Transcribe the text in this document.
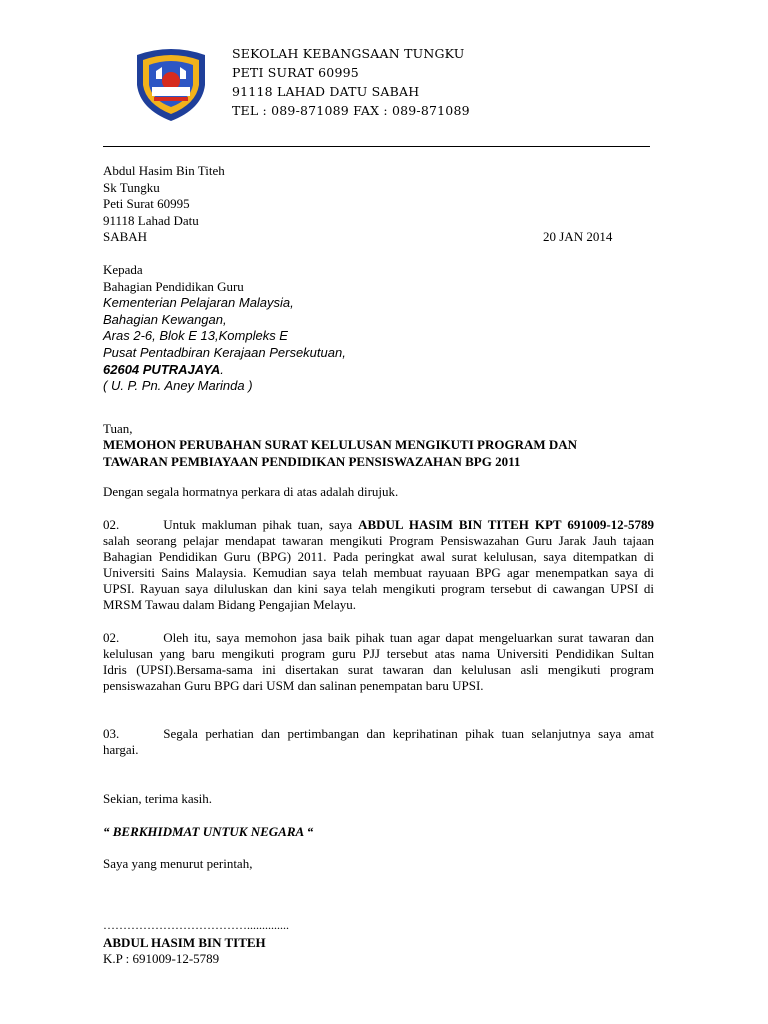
SEKOLAH KEBANGSAAN TUNGKU
PETI SURAT 60995
91118 LAHAD DATU SABAH
TEL : 089-871089 FAX : 089-871089
Abdul Hasim Bin Titeh
Sk Tungku
Peti Surat 60995
91118 Lahad Datu
SABAH	20 JAN 2014
Kepada
Bahagian Pendidikan Guru
Kementerian Pelajaran Malaysia,
Bahagian Kewangan,
Aras 2-6, Blok E 13,Kompleks E
Pusat Pentadbiran Kerajaan Persekutuan,
62604 PUTRAJAYA.
( U. P. Pn. Aney Marinda )
Tuan,
MEMOHON PERUBAHAN SURAT KELULUSAN MENGIKUTI PROGRAM DAN
TAWARAN PEMBIAYAAN PENDIDIKAN PENSISWAZAHAN BPG 2011
Dengan segala hormatnya perkara di atas adalah dirujuk.
02.	Untuk makluman pihak tuan, saya ABDUL HASIM BIN TITEH KPT 691009-12-5789
salah seorang pelajar mendapat tawaran mengikuti Program Pensiswazahan Guru Jarak Jauh tajaan
Bahagian Pendidikan Guru (BPG) 2011. Pada peringkat awal surat kelulusan, saya ditempatkan di
Universiti Sains Malaysia. Kemudian saya telah membuat rayuaan BPG agar menempatkan saya di
UPSI. Rayuan saya diluluskan dan kini saya telah mengikuti program tersebut di cawangan UPSI di
MRSM Tawau dalam Bidang Pengajian Melayu.
02.	Oleh itu, saya memohon jasa baik pihak tuan agar dapat mengeluarkan surat tawaran dan
kelulusan yang baru mengikuti program guru PJJ tersebut atas nama Universiti Pendidikan Sultan
Idris (UPSI).Bersama-sama ini disertakan surat tawaran dan kelulusan asli mengikuti program
pensiswazahan Guru BPG dari USM dan salinan penempatan baru UPSI.
03.	Segala perhatian dan pertimbangan dan keprihatinan pihak tuan selanjutnya saya amat
hargai.
Sekian, terima kasih.
“ BERKHIDMAT UNTUK NEGARA “
Saya yang menurut perintah,
………………………………..............
ABDUL HASIM BIN TITEH
K.P : 691009-12-5789
